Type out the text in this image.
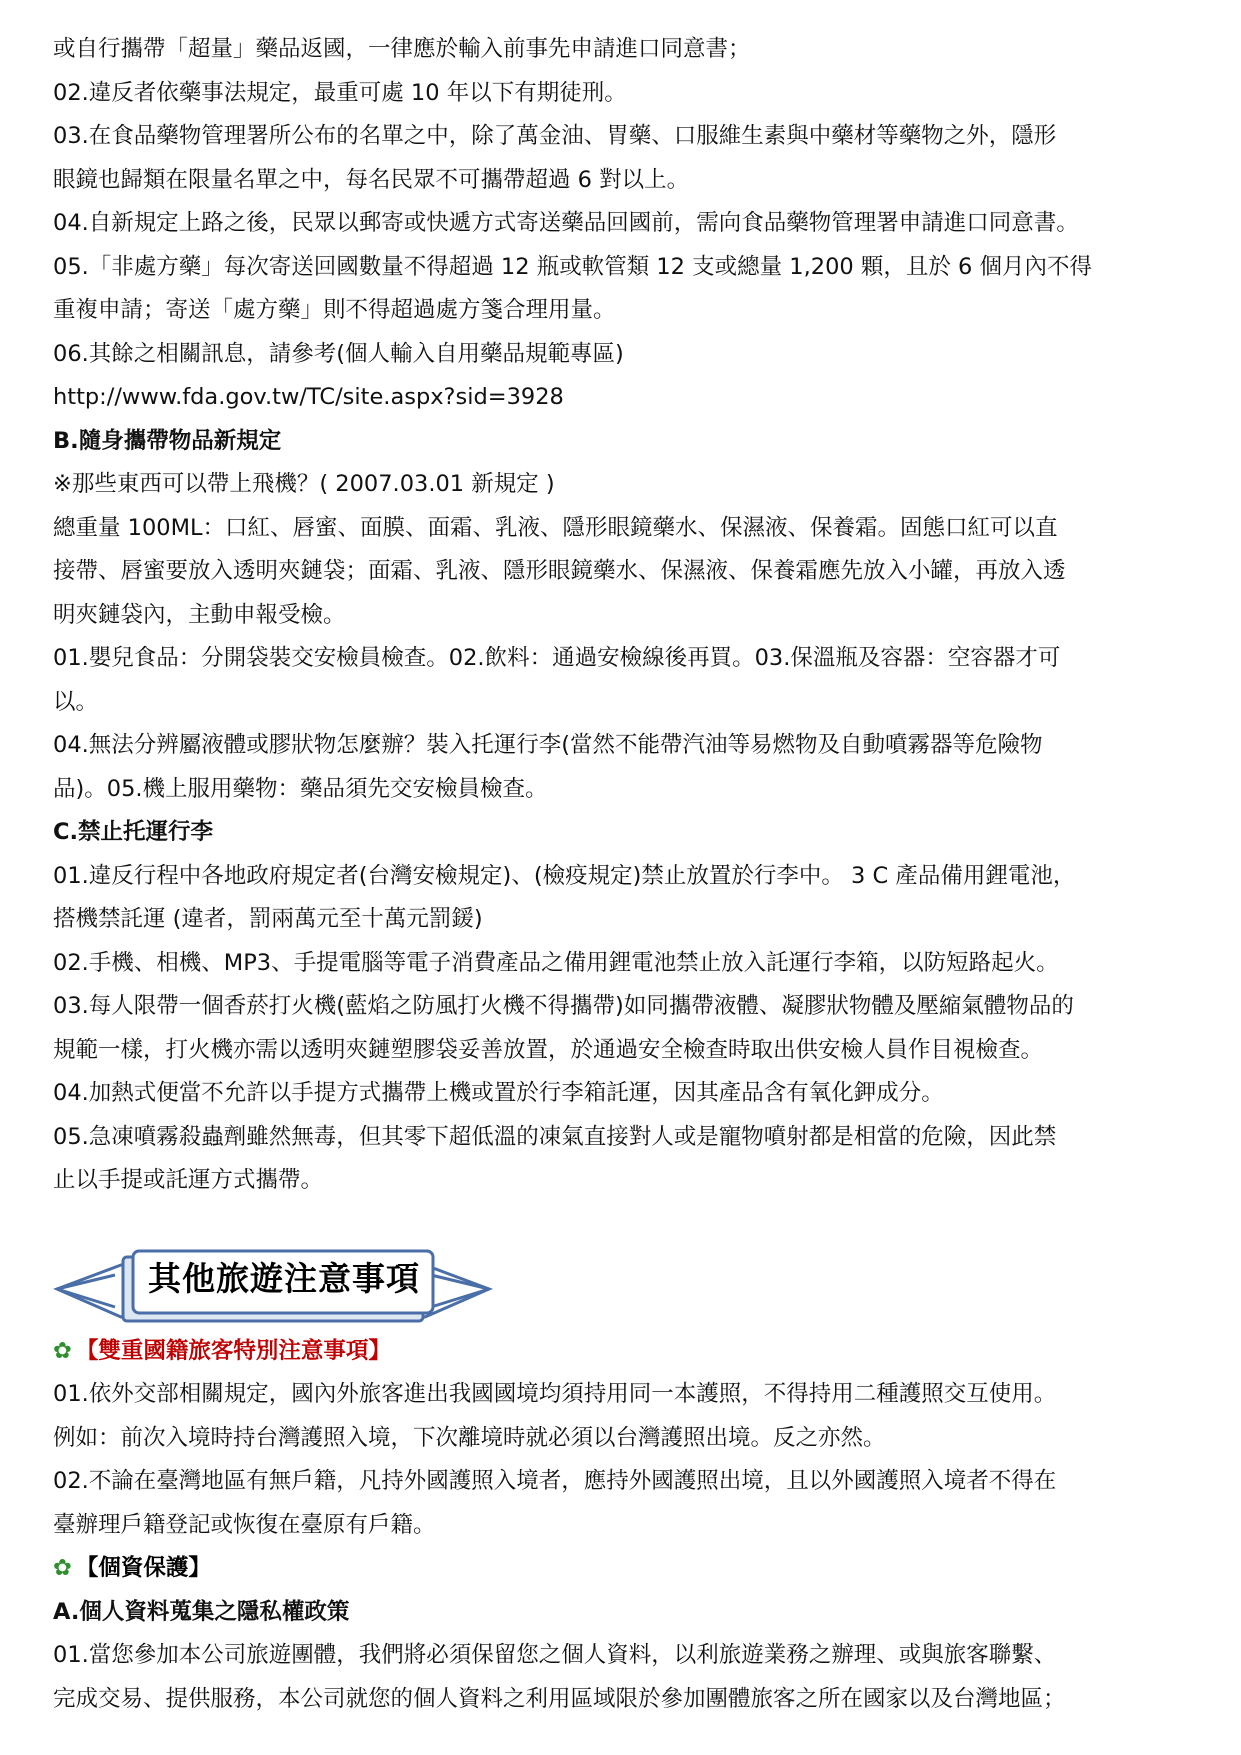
或自行攜帶「超量」藥品返國，一律應於輸入前事先申請進口同意書；
02.違反者依藥事法規定，最重可處 10 年以下有期徒刑。
03.在食品藥物管理署所公布的名單之中，除了萬金油、胃藥、口服維生素與中藥材等藥物之外，隱形
眼鏡也歸類在限量名單之中，每名民眾不可攜帶超過 6 對以上。
04.自新規定上路之後，民眾以郵寄或快遞方式寄送藥品回國前，需向食品藥物管理署申請進口同意書。
05.「非處方藥」每次寄送回國數量不得超過 12 瓶或軟管類 12 支或總量 1,200 顆，且於 6 個月內不得
重複申請；寄送「處方藥」則不得超過處方箋合理用量。
06.其餘之相關訊息，請參考(個人輸入自用藥品規範專區)
http://www.fda.gov.tw/TC/site.aspx?sid=3928
B.隨身攜帶物品新規定
※那些東西可以帶上飛機？( 2007.03.01 新規定 )
總重量 100ML：口紅、唇蜜、面膜、面霜、乳液、隱形眼鏡藥水、保濕液、保養霜。固態口紅可以直
接帶、唇蜜要放入透明夾鏈袋；面霜、乳液、隱形眼鏡藥水、保濕液、保養霜應先放入小罐，再放入透
明夾鏈袋內，主動申報受檢。
01.嬰兒食品：分開袋裝交安檢員檢查。02.飲料：通過安檢線後再買。03.保溫瓶及容器：空容器才可
以。
04.無法分辨屬液體或膠狀物怎麼辦？裝入托運行李(當然不能帶汽油等易燃物及自動噴霧器等危險物
品)。05.機上服用藥物：藥品須先交安檢員檢查。
C.禁止托運行李
01.違反行程中各地政府規定者(台灣安檢規定)、(檢疫規定)禁止放置於行李中。 3 C 產品備用鋰電池，
搭機禁託運 (違者，罰兩萬元至十萬元罰鍰)
02.手機、相機、MP3、手提電腦等電子消費產品之備用鋰電池禁止放入託運行李箱，以防短路起火。
03.每人限帶一個香菸打火機(藍焰之防風打火機不得攜帶)如同攜帶液體、凝膠狀物體及壓縮氣體物品的
規範一樣，打火機亦需以透明夾鏈塑膠袋妥善放置，於通過安全檢查時取出供安檢人員作目視檢查。
04.加熱式便當不允許以手提方式攜帶上機或置於行李箱託運，因其產品含有氧化鉀成分。
05.急凍噴霧殺蟲劑雖然無毒，但其零下超低溫的凍氣直接對人或是寵物噴射都是相當的危險，因此禁
止以手提或託運方式攜帶。
其他旅遊注意事項
✿ 【雙重國籍旅客特別注意事項】
01.依外交部相關規定，國內外旅客進出我國國境均須持用同一本護照，不得持用二種護照交互使用。
例如：前次入境時持台灣護照入境，下次離境時就必須以台灣護照出境。反之亦然。
02.不論在臺灣地區有無戶籍，凡持外國護照入境者，應持外國護照出境，且以外國護照入境者不得在
臺辦理戶籍登記或恢復在臺原有戶籍。
✿ 【個資保護】
A.個人資料蒐集之隱私權政策
01.當您參加本公司旅遊團體，我們將必須保留您之個人資料，以利旅遊業務之辦理、或與旅客聯繫、
完成交易、提供服務，本公司就您的個人資料之利用區域限於參加團體旅客之所在國家以及台灣地區；
